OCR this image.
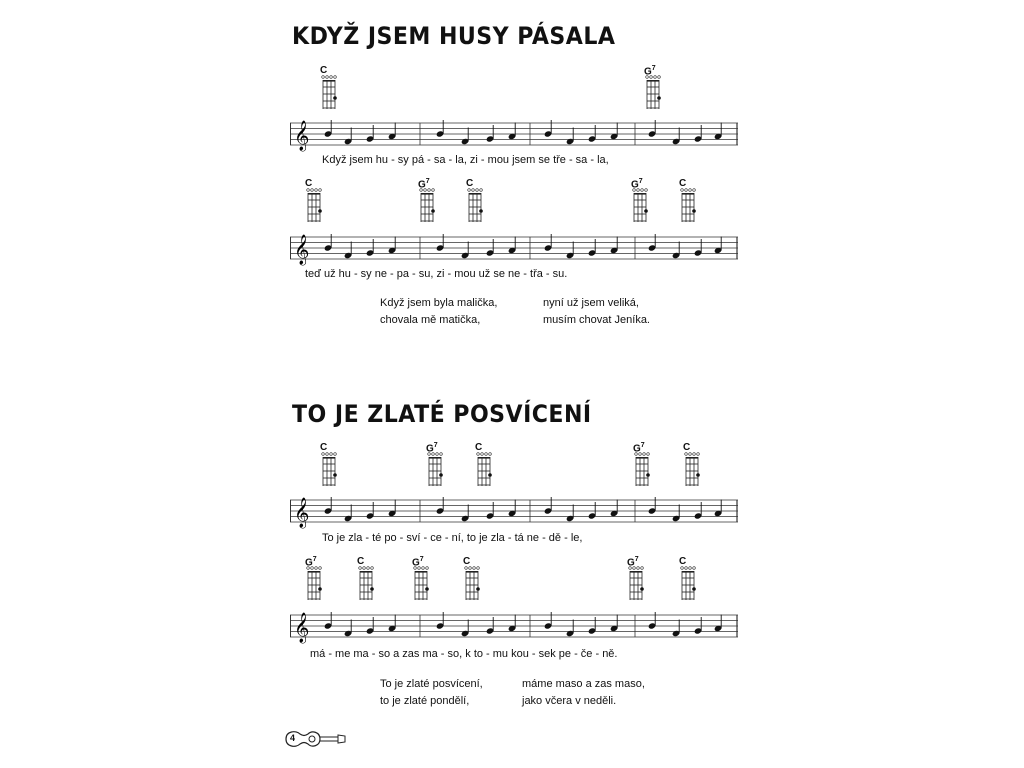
KDYŽ JSEM HUSY PÁSALA
C	$G^7$
𝄞
Když jsem hu - sy pá - sa - la, zi - mou jsem se tře - sa - la,
C	$G^7$	C	$G^7$	C
𝄞
teď už hu - sy ne - pa - su, zi - mou už se ne - třa - su.
Když jsem byla malička,
chovala mě matička,
nyní už jsem veliká,
musím chovat Jeníka.
TO JE ZLATÉ POSVÍCENÍ
C	$G^7$	C	$G^7$	C
𝄞
To je zla - té po - sví - ce - ní, to je zla - tá ne - dě - le,
$G^7$	C	$G^7$	C	$G^7$	C
𝄞
má - me ma - so a zas ma - so, k to - mu kou - sek pe - če - ně.
To je zlaté posvícení,
to je zlaté pondělí,
máme maso a zas maso,
jako včera v neděli.
4
